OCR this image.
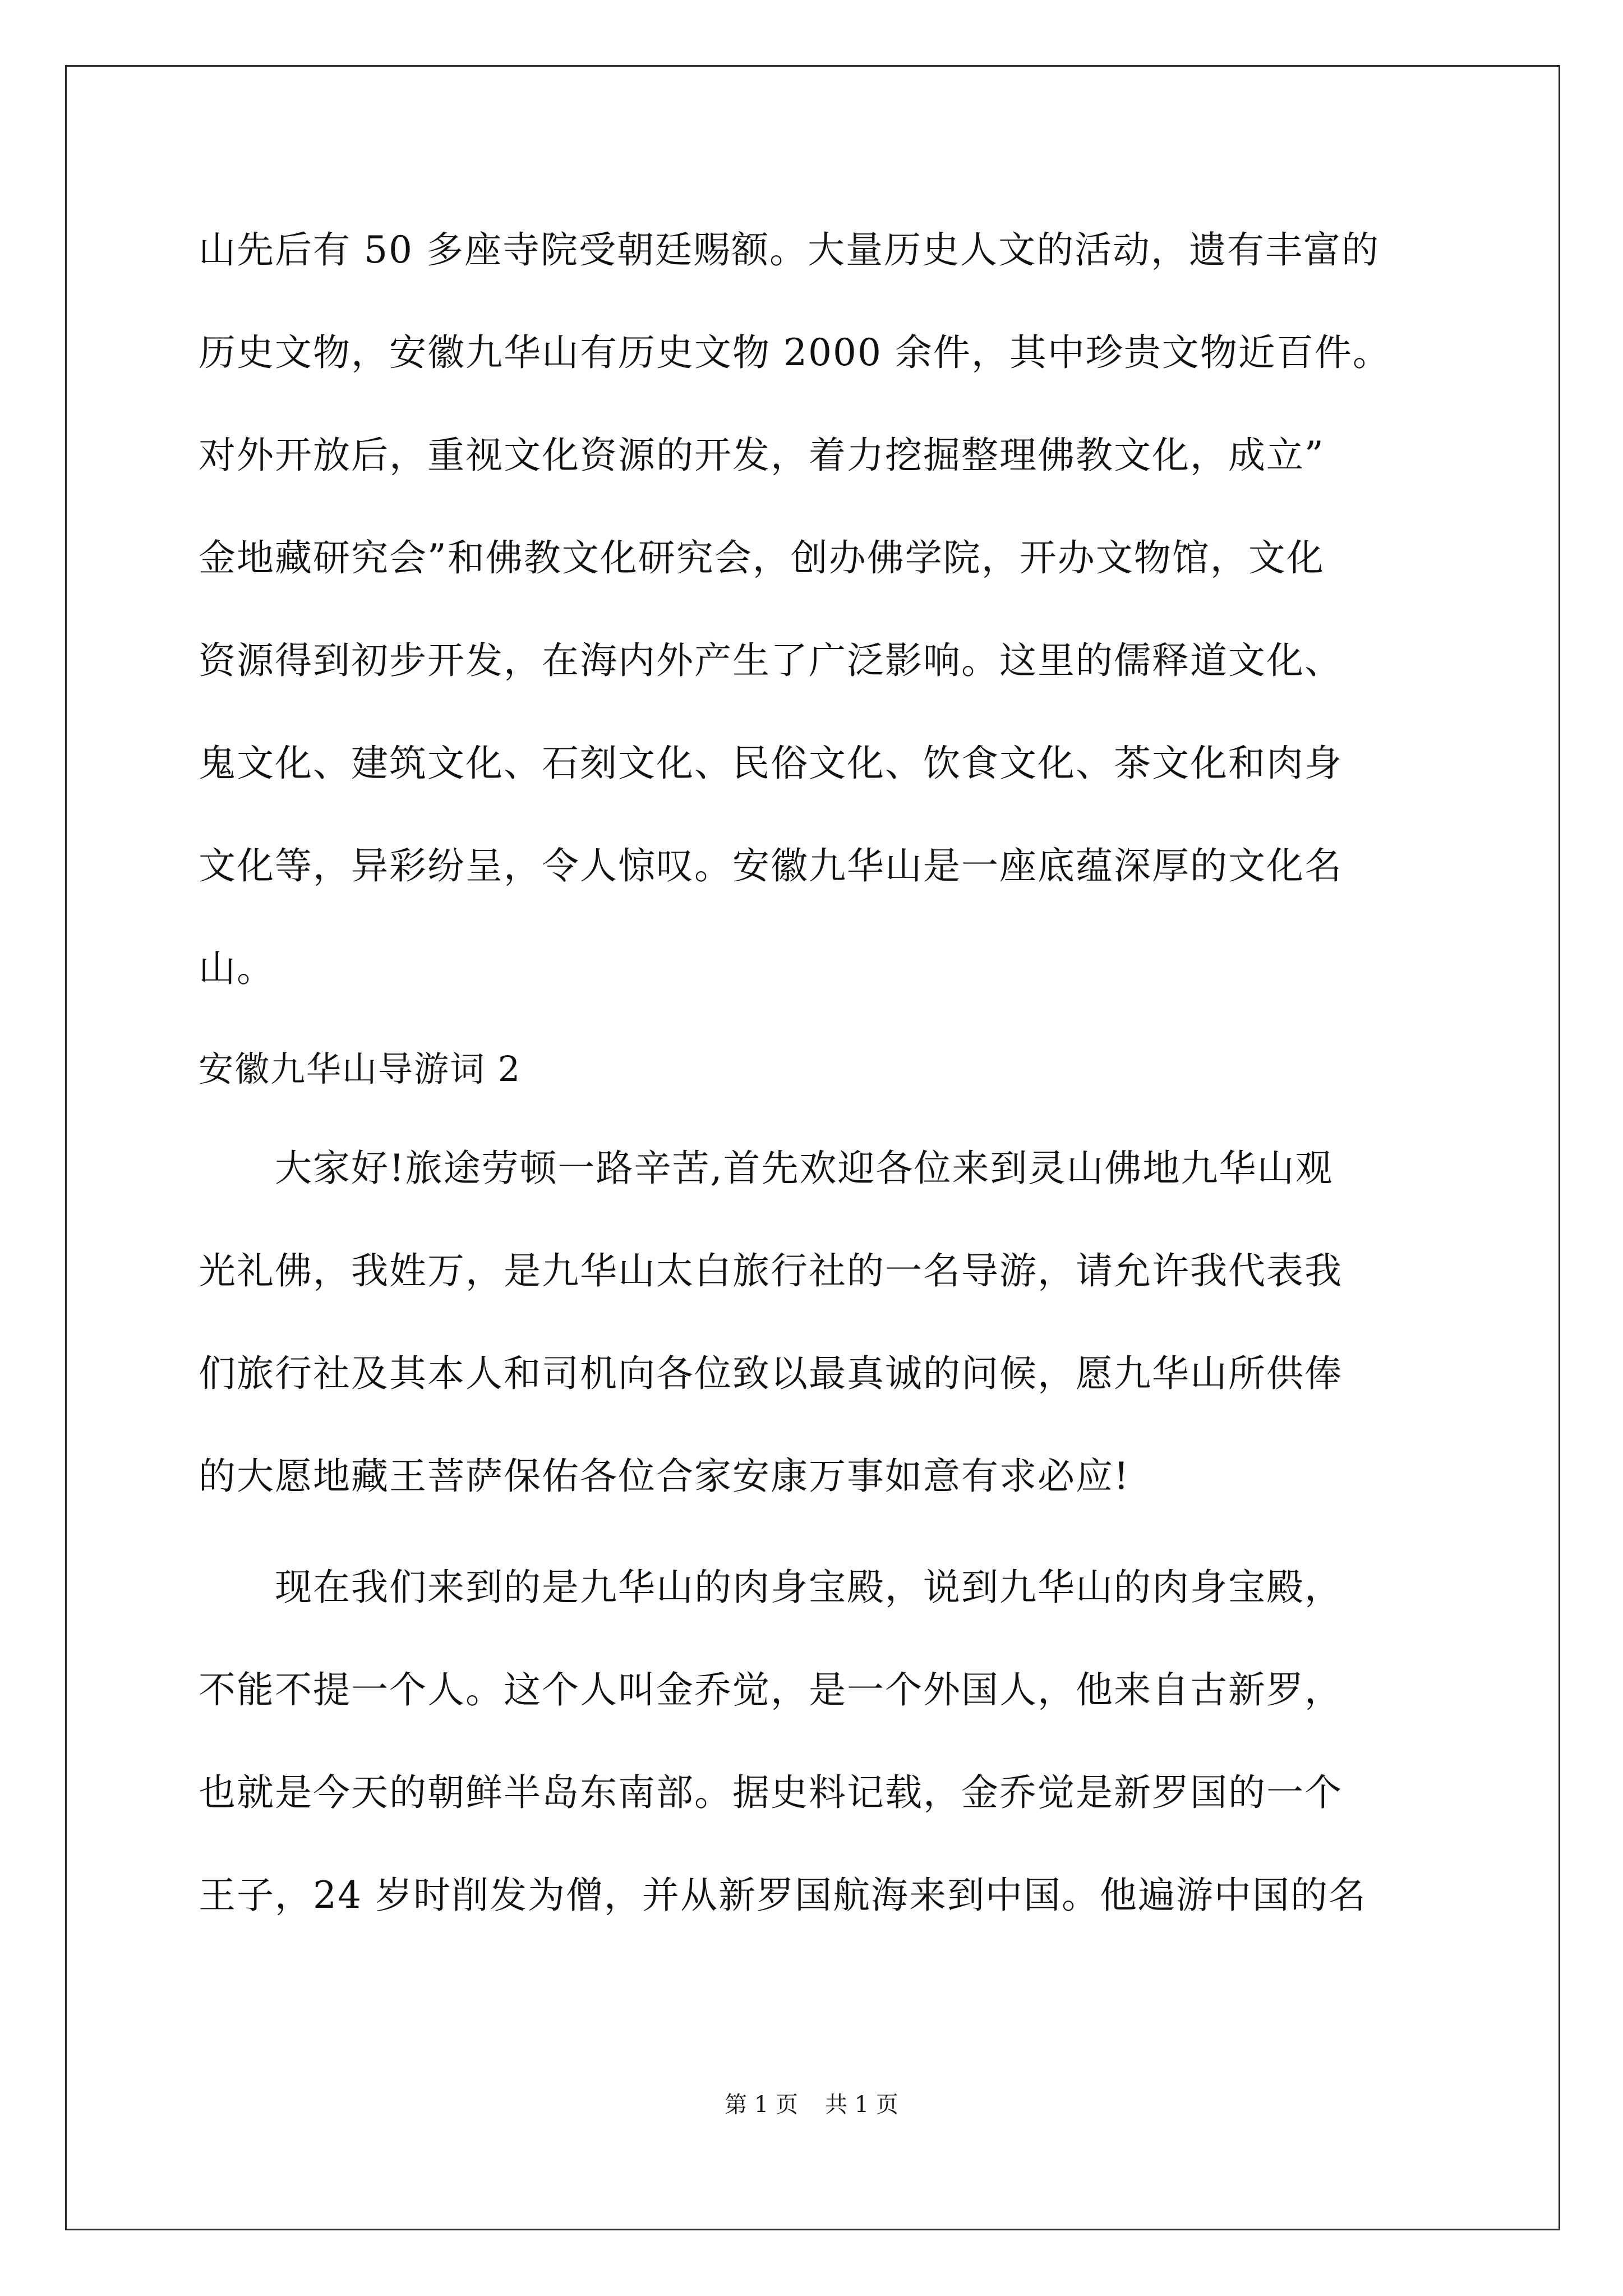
山先后有 50 多座寺院受朝廷赐额。大量历史人文的活动，遗有丰富的
历史文物，安徽九华山有历史文物 2000 余件，其中珍贵文物近百件。
对外开放后，重视文化资源的开发，着力挖掘整理佛教文化，成立”
金地藏研究会”和佛教文化研究会，创办佛学院，开办文物馆，文化
资源得到初步开发，在海内外产生了广泛影响。这里的儒释道文化、
鬼文化、建筑文化、石刻文化、民俗文化、饮食文化、茶文化和肉身
文化等，异彩纷呈，令人惊叹。安徽九华山是一座底蕴深厚的文化名
山。
安徽九华山导游词 2
大家好!旅途劳顿一路辛苦,首先欢迎各位来到灵山佛地九华山观
光礼佛，我姓万，是九华山太白旅行社的一名导游，请允许我代表我
们旅行社及其本人和司机向各位致以最真诚的问候，愿九华山所供俸
的大愿地藏王菩萨保佑各位合家安康万事如意有求必应!
现在我们来到的是九华山的肉身宝殿，说到九华山的肉身宝殿，
不能不提一个人。这个人叫金乔觉，是一个外国人，他来自古新罗，
也就是今天的朝鲜半岛东南部。据史料记载，金乔觉是新罗国的一个
王子，24 岁时削发为僧，并从新罗国航海来到中国。他遍游中国的名
第 1 页 共 1 页
